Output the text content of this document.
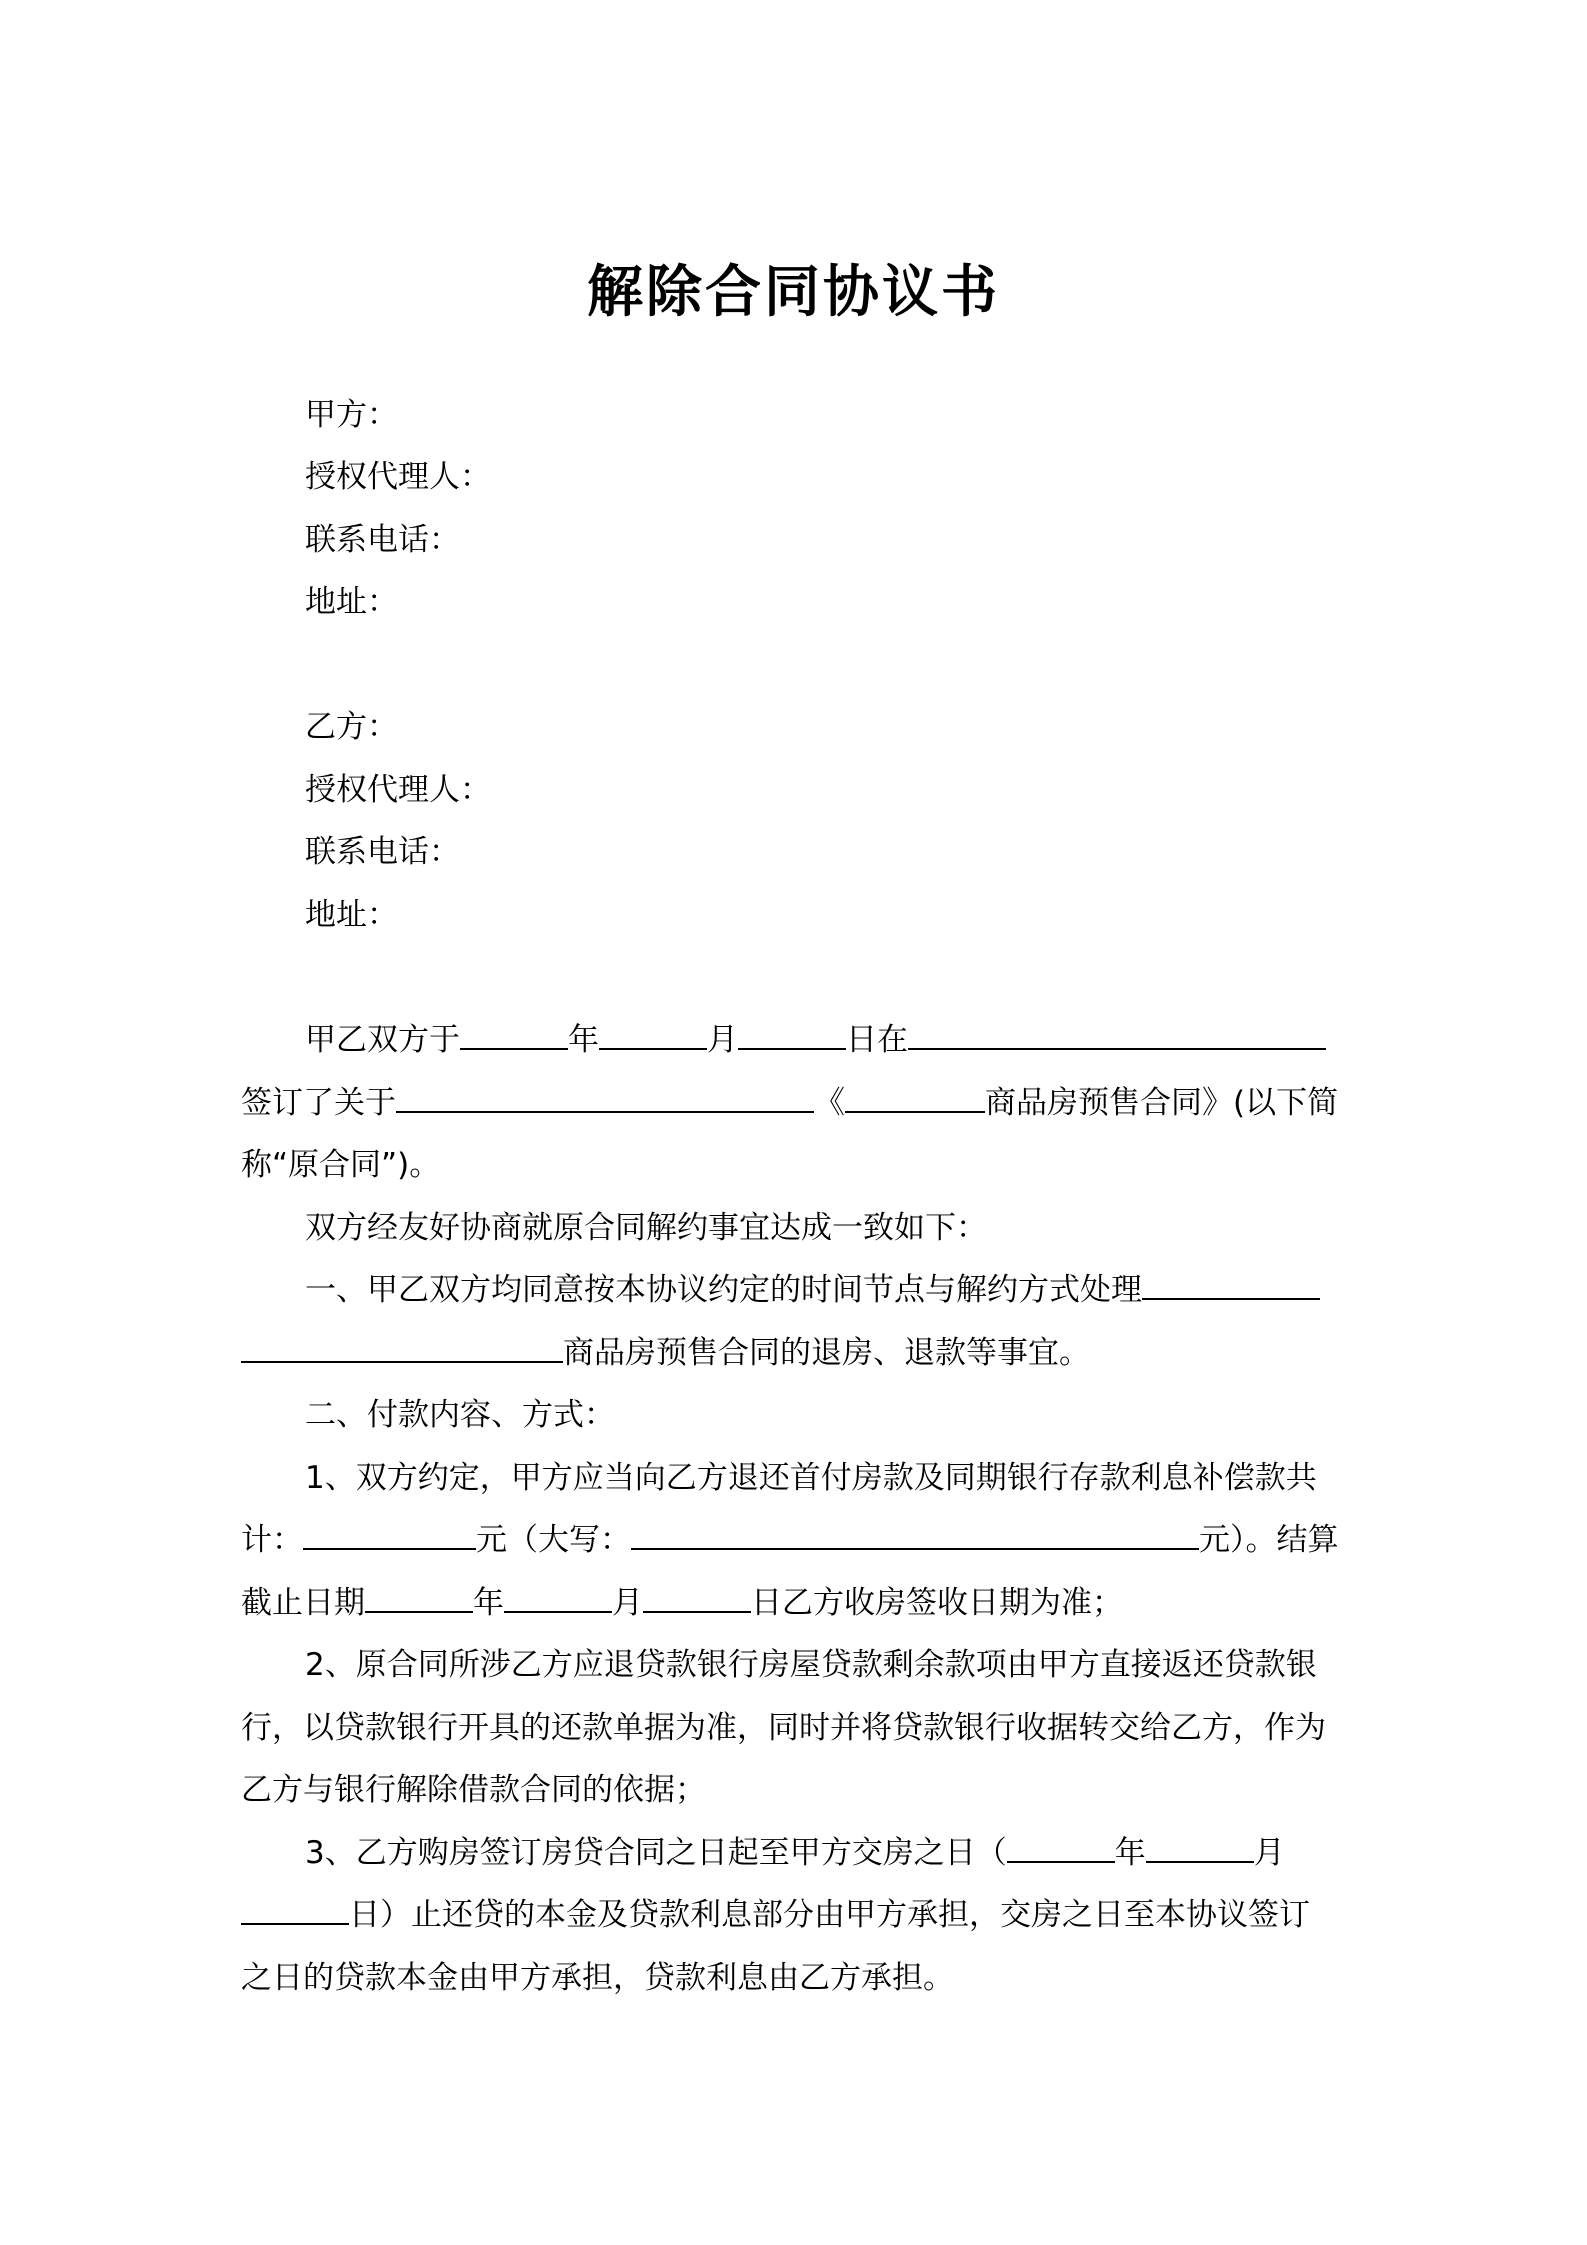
解除合同协议书
甲方：
授权代理人：
联系电话：
地址：
乙方：
授权代理人：
联系电话：
地址：
甲乙双方于	年	月	日在
签订了关于	《	商品房预售合同》(以下简
称“原合同”)。
双方经友好协商就原合同解约事宜达成一致如下：
一、甲乙双方均同意按本协议约定的时间节点与解约方式处理
商品房预售合同的退房、退款等事宜。
二、付款内容、方式：
1、双方约定，甲方应当向乙方退还首付房款及同期银行存款利息补偿款共
计：	元（大写：	元）。结算
截止日期	年	月	日乙方收房签收日期为准；
2、原合同所涉乙方应退贷款银行房屋贷款剩余款项由甲方直接返还贷款银
行，以贷款银行开具的还款单据为准，同时并将贷款银行收据转交给乙方，作为
乙方与银行解除借款合同的依据；
3、乙方购房签订房贷合同之日起至甲方交房之日（	年	月
日）止还贷的本金及贷款利息部分由甲方承担，交房之日至本协议签订
之日的贷款本金由甲方承担，贷款利息由乙方承担。
